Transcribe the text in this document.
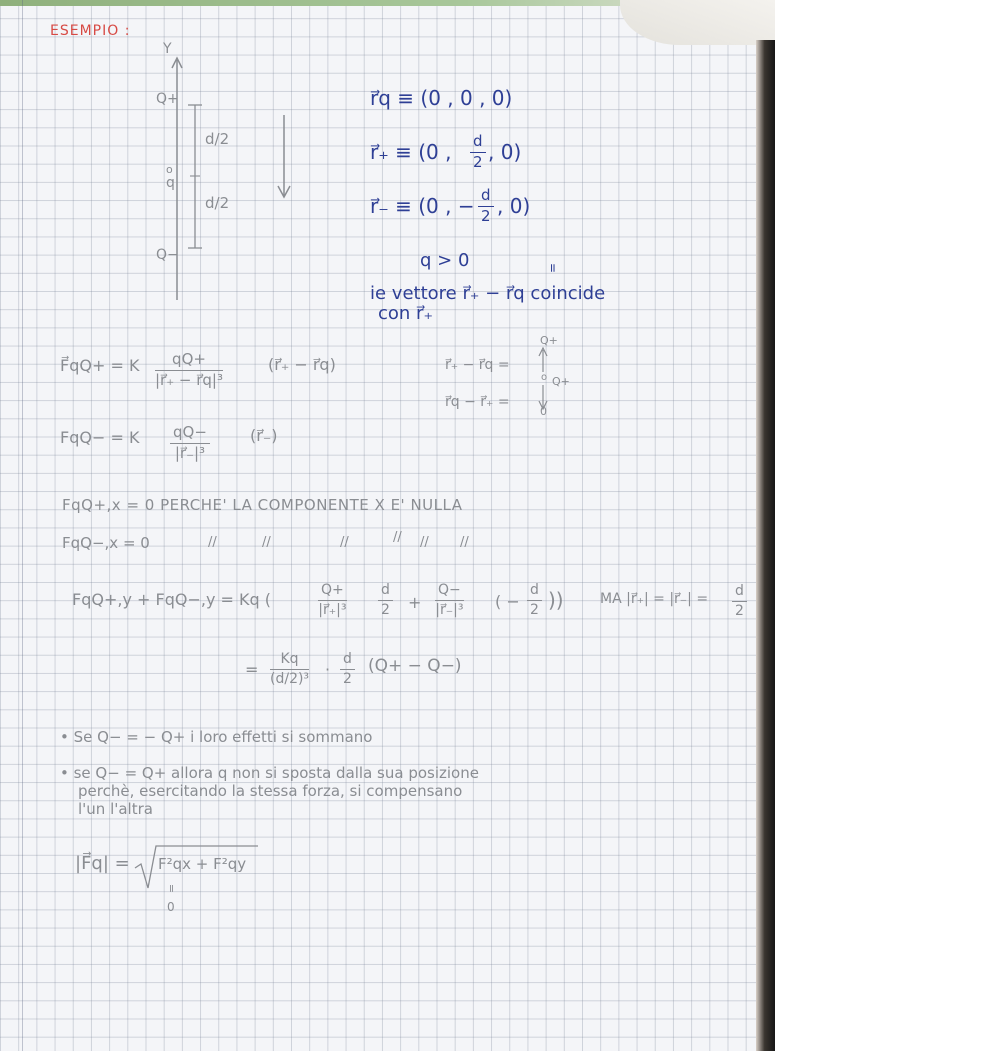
ESEMPIO :
Y
Q+
o
q
Q−
d/2
d/2
r⃗q ≡ (0 , 0 , 0)
r⃗₊ ≡ (0 , $\frac{d}{2}$ , 0)
r⃗₋ ≡ (0 , − $\frac{d}{2}$ , 0)
q > 0	=
ie vettore r⃗₊ − r⃗q coincide
con r⃗₊
F⃗qQ+ = K $\frac{qQ+}{\text{|r⃗₊ − r⃗q|³}}$	(r⃗₊ − r⃗q)	r⃗₊ − r⃗q =
r⃗q − r⃗₊ =
Q+
o Q+
0
FqQ− = K $\frac{qQ-}{\text{|r⃗₋|³}}$	(r⃗₋)
FqQ+,x = 0 PERCHE' LA COMPONENTE X E' NULLA
FqQ−,x = 0	//	//	//	// // //
FqQ+,y + FqQ−,y = Kq (	$\frac{Q+}{\text{|r⃗₊|³}} \frac{d}{2} + \frac{Q-}{\text{|r⃗₋|³}}$ ( − $\frac{d}{2}$ ))	MA |r⃗₊| = |r⃗₋| = $\frac{d}{2}$
= $\frac{Kq}{\text{(d/2)³}} \cdot \frac{d}{2} (Q+ - Q-)$
• Se Q− = − Q+ i loro effetti si sommano
• se Q− = Q+ allora q non si sposta dalla sua posizione
perchè, esercitando la stessa forza, si compensano
l'un l'altra
|F⃗q| = F²qx + F²qy
=
0
